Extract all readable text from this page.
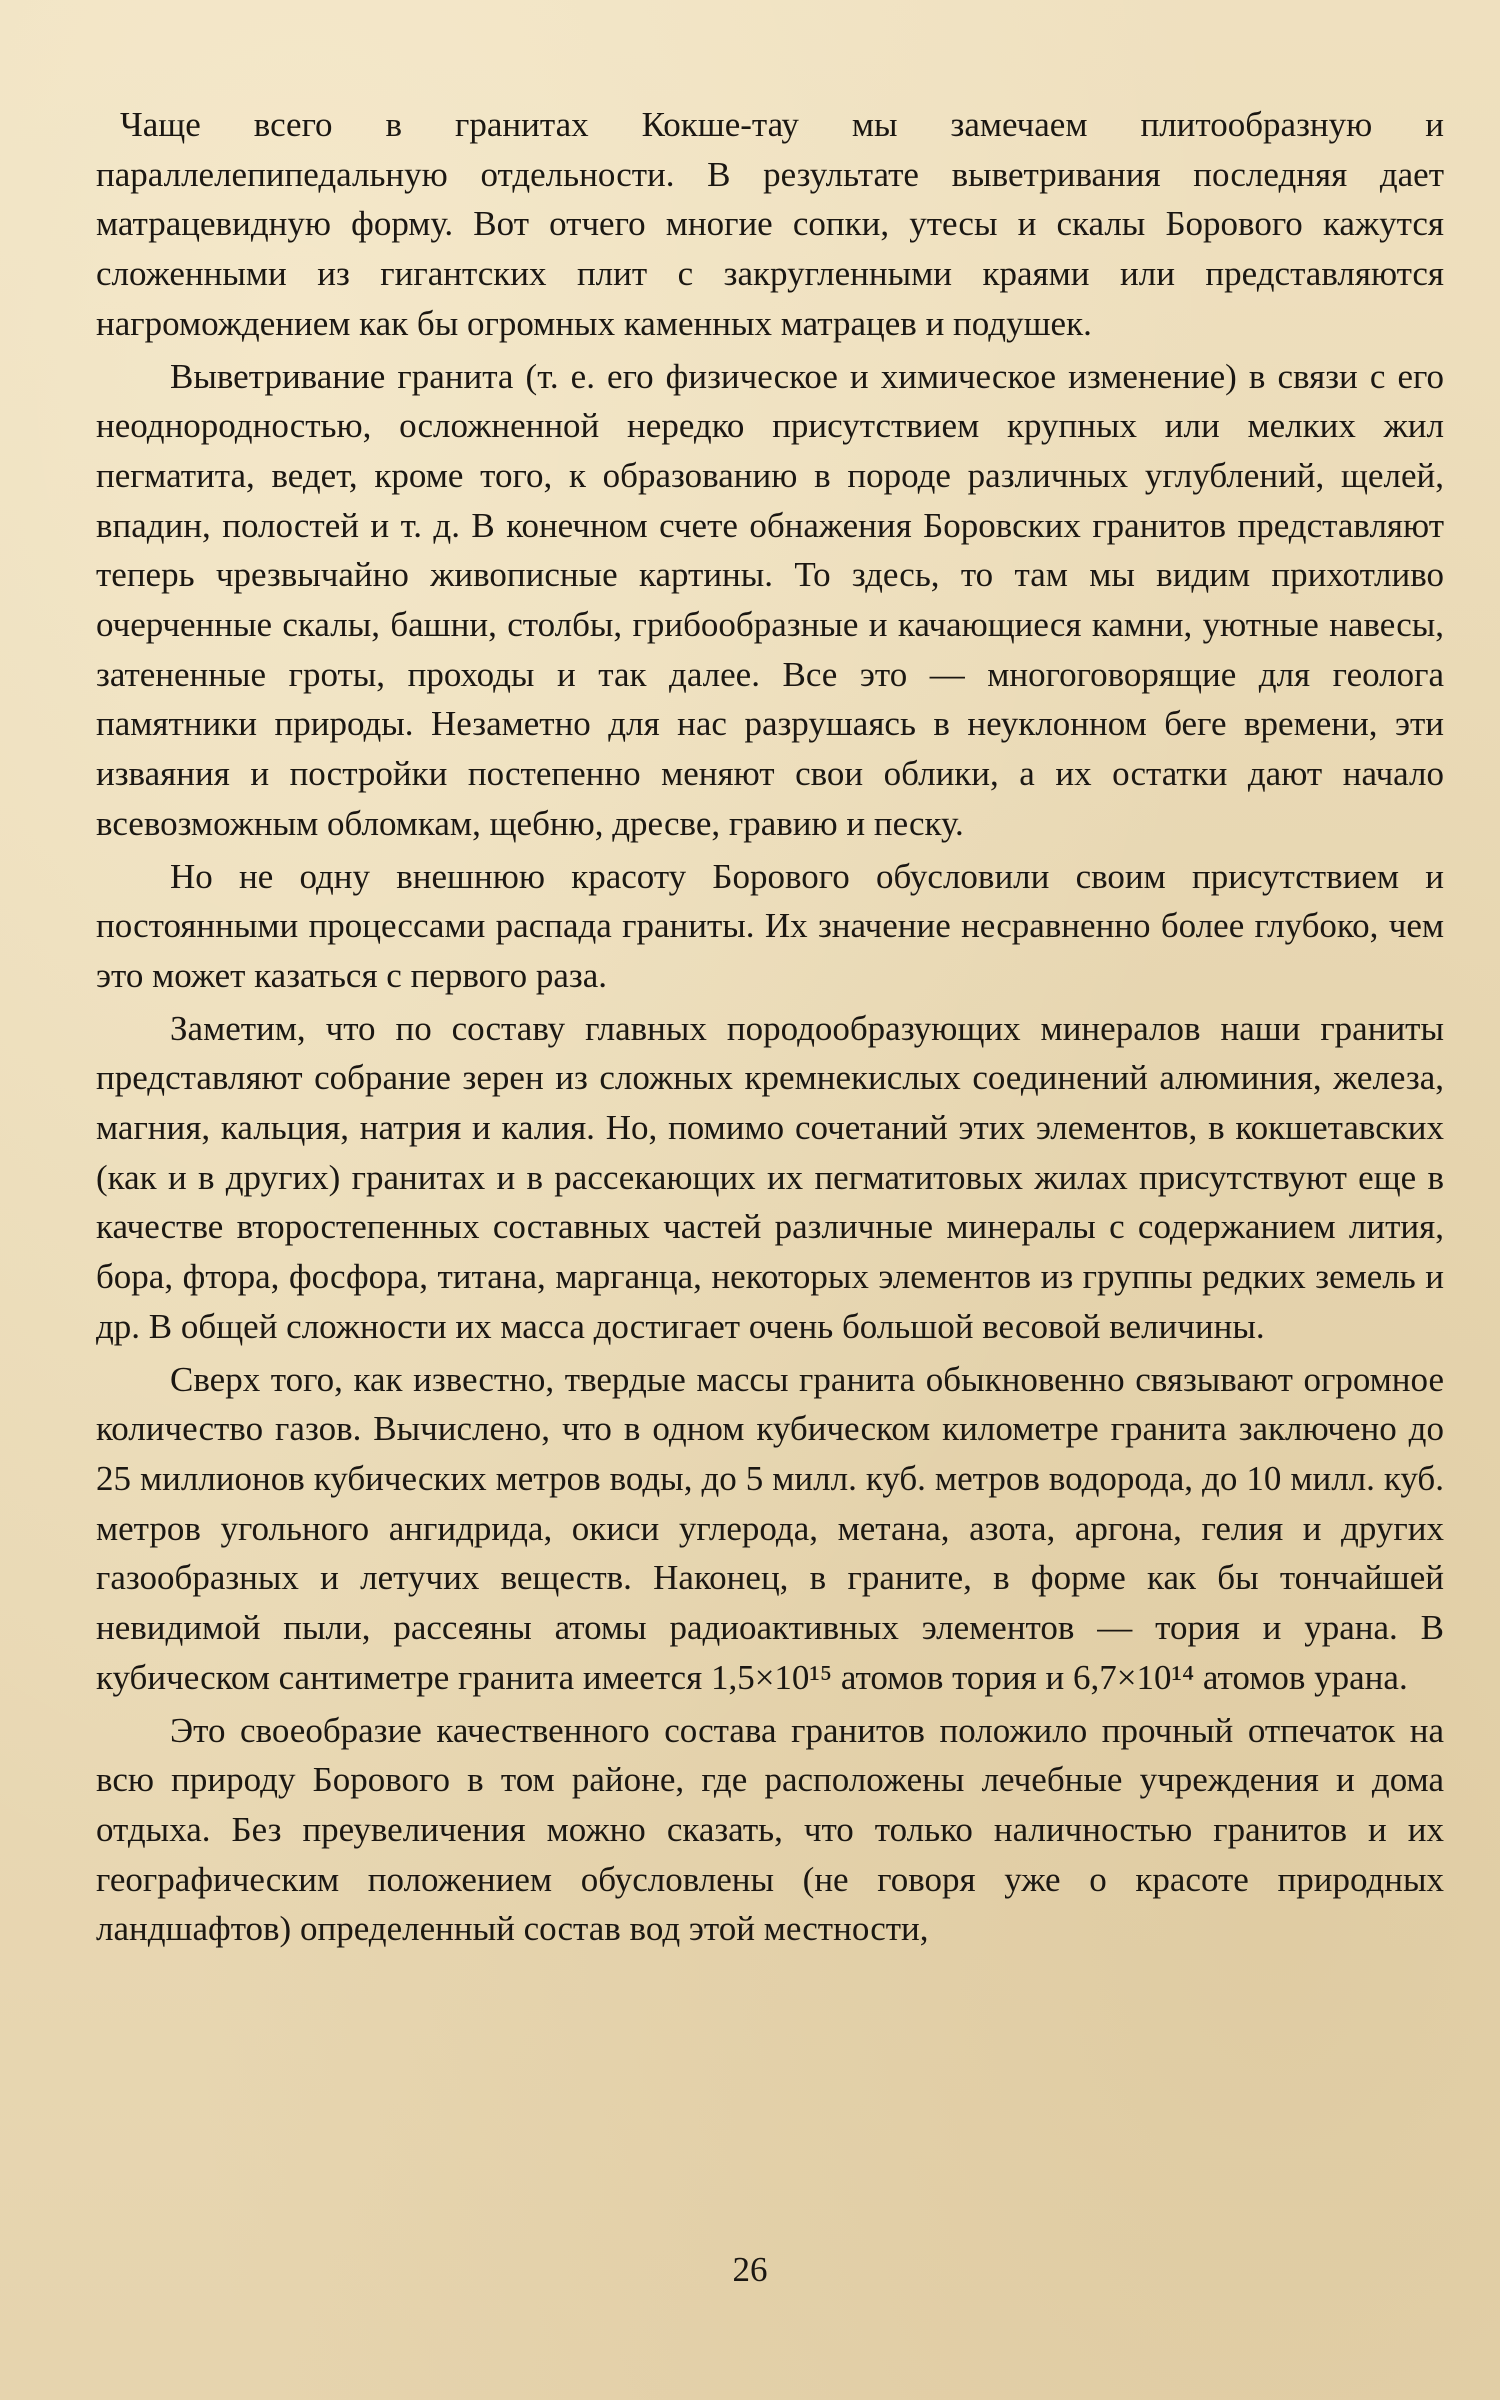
Чаще всего в гранитах Кокше-тау мы замечаем плитообразную и параллелепипедальную отдельности. В результате выветривания последняя дает матрацевидную форму. Вот отчего многие сопки, утесы и скалы Борового кажутся сложенными из гигантских плит с закругленными краями или представляются нагромождением как бы огромных каменных матрацев и подушек.

Выветривание гранита (т. е. его физическое и химическое изменение) в связи с его неоднородностью, осложненной нередко присутствием крупных или мелких жил пегматита, ведет, кроме того, к образованию в породе различных углублений, щелей, впадин, полостей и т. д. В конечном счете обнажения Боровских гранитов представляют теперь чрезвычайно живописные картины. То здесь, то там мы видим прихотливо очерченные скалы, башни, столбы, грибообразные и качающиеся камни, уютные навесы, затененные гроты, проходы и так далее. Все это — многоговорящие для геолога памятники природы. Незаметно для нас разрушаясь в неуклонном беге времени, эти изваяния и постройки постепенно меняют свои облики, а их остатки дают начало всевозможным обломкам, щебню, дресве, гравию и песку.

Но не одну внешнюю красоту Борового обусловили своим присутствием и постоянными процессами распада граниты. Их значение несравненно более глубоко, чем это может казаться с первого раза.

Заметим, что по составу главных породообразующих минералов наши граниты представляют собрание зерен из сложных кремнекислых соединений алюминия, железа, магния, кальция, натрия и калия. Но, помимо сочетаний этих элементов, в кокшетавских (как и в других) гранитах и в рассекающих их пегматитовых жилах присутствуют еще в качестве второстепенных составных частей различные минералы с содержанием лития, бора, фтора, фосфора, титана, марганца, некоторых элементов из группы редких земель и др. В общей сложности их масса достигает очень большой весовой величины.

Сверх того, как известно, твердые массы гранита обыкновенно связывают огромное количество газов. Вычислено, что в одном кубическом километре гранита заключено до 25 миллионов кубических метров воды, до 5 милл. куб. метров водорода, до 10 милл. куб. метров угольного ангидрида, окиси углерода, метана, азота, аргона, гелия и других газообразных и летучих веществ. Наконец, в граните, в форме как бы тончайшей невидимой пыли, рассеяны атомы радиоактивных элементов — тория и урана. В кубическом сантиметре гранита имеется 1,5×10¹⁵ атомов тория и 6,7×10¹⁴ атомов урана.

Это своеобразие качественного состава гранитов положило прочный отпечаток на всю природу Борового в том районе, где расположены лечебные учреждения и дома отдыха. Без преувеличения можно сказать, что только наличностью гранитов и их географическим положением обусловлены (не говоря уже о красоте природных ландшафтов) определенный состав вод этой местности,

26
